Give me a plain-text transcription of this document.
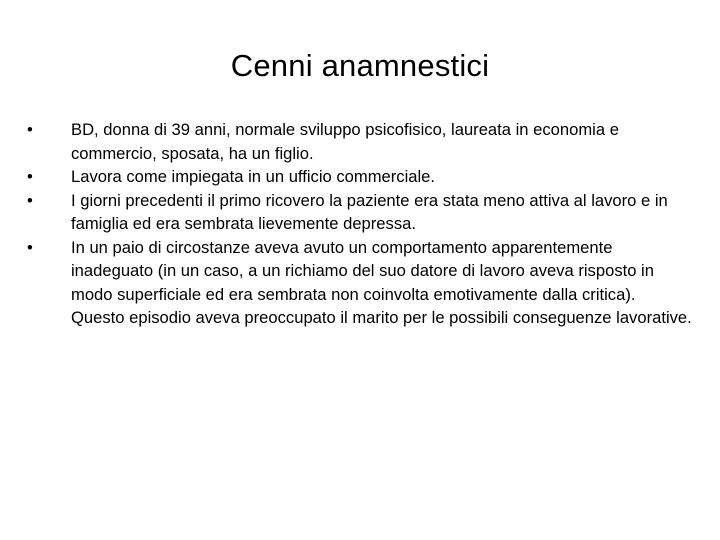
Cenni anamnestici
•	BD, donna di 39 anni, normale sviluppo psicofisico, laureata in economia e commercio, sposata, ha un figlio.
•	Lavora come impiegata in un ufficio commerciale.
•	I giorni precedenti il primo ricovero la paziente era stata meno attiva al lavoro e in famiglia ed era sembrata lievemente depressa.
•	In un paio di circostanze aveva avuto un comportamento apparentemente inadeguato (in un caso, a un richiamo del suo datore di lavoro aveva risposto in modo superficiale ed era sembrata non coinvolta emotivamente dalla critica). Questo episodio aveva preoccupato il marito per le possibili conseguenze lavorative.
